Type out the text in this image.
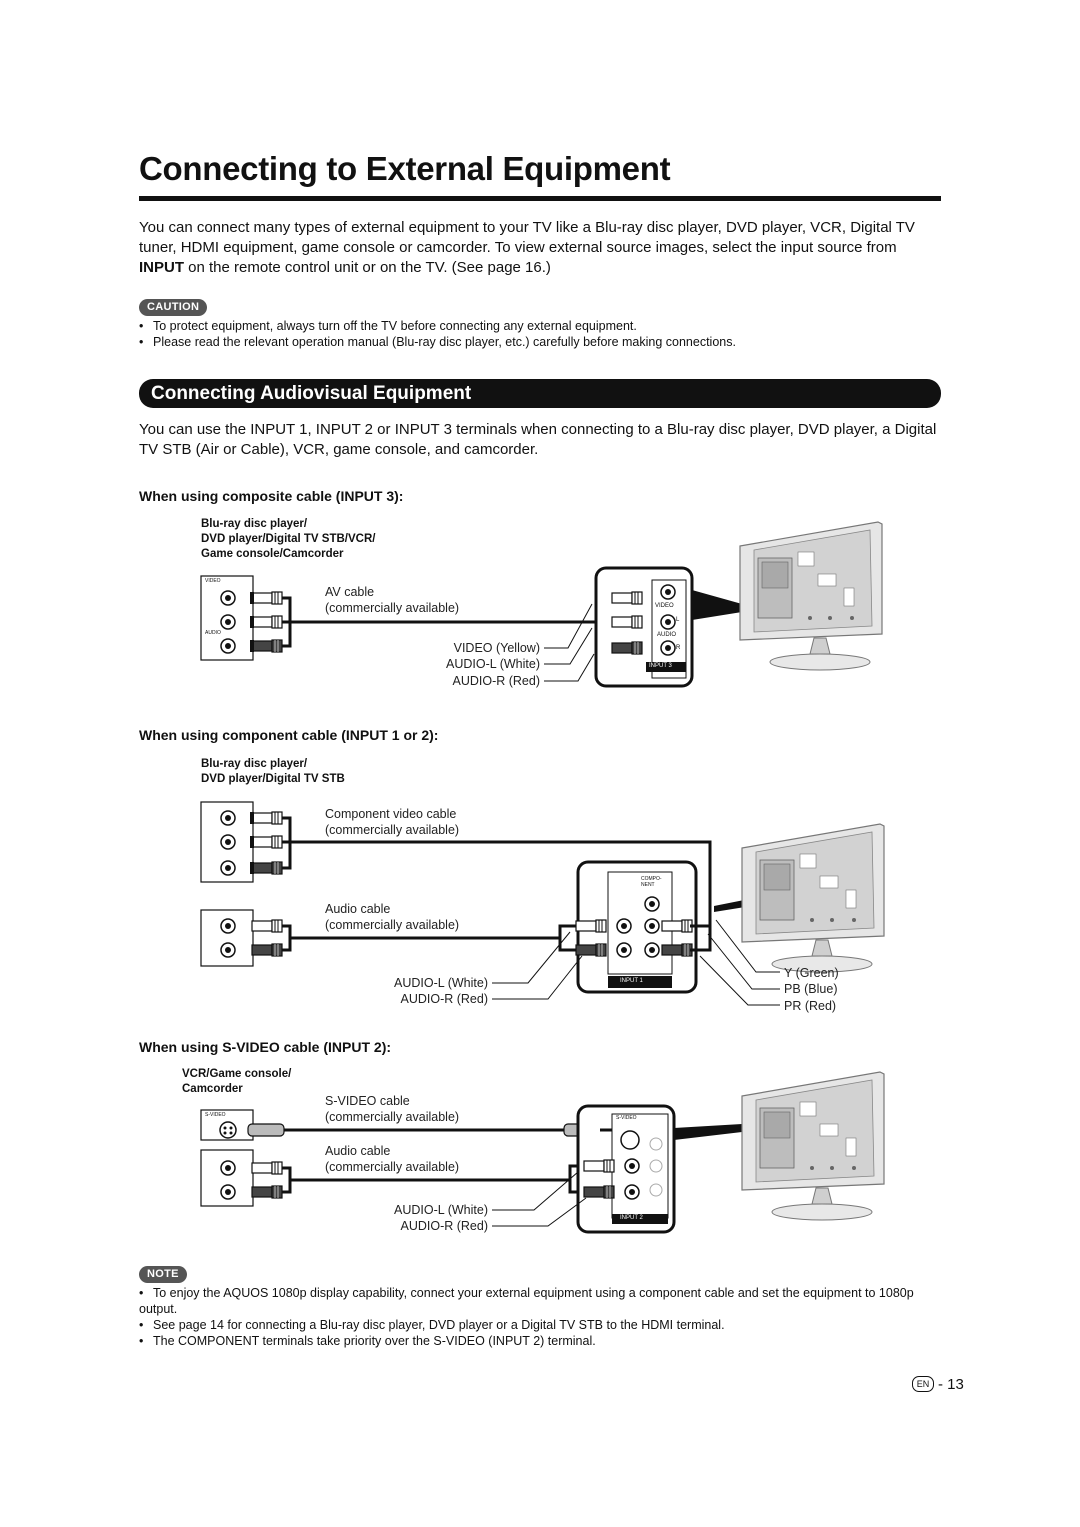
Connecting to External Equipment
You can connect many types of external equipment to your TV like a Blu-ray disc player, DVD player, VCR, Digital TV tuner, HDMI equipment, game console or camcorder. To view external source images, select the input source from INPUT on the remote control unit or on the TV. (See page 16.)
CAUTION
• To protect equipment, always turn off the TV before connecting any external equipment.
• Please read the relevant operation manual (Blu-ray disc player, etc.) carefully before making connections.
Connecting Audiovisual Equipment
You can use the INPUT 1, INPUT 2 or INPUT 3 terminals when connecting to a Blu-ray disc player, DVD player, a Digital TV STB (Air or Cable), VCR, game console, and camcorder.
When using composite cable (INPUT 3):
Blu-ray disc player/
DVD player/Digital TV STB/VCR/
Game console/Camcorder
AV cable
(commercially available)
VIDEO (Yellow)
AUDIO-L (White)
AUDIO-R (Red)
VIDEO
L
AUDIO
R
INPUT 3
VIDEO
AUDIO
When using component cable (INPUT 1 or 2):
Blu-ray disc player/
DVD player/Digital TV STB
Component video cable
(commercially available)
Audio cable
(commercially available)
AUDIO-L (White)
AUDIO-R (Red)
Y (Green)
PB (Blue)
PR (Red)
COMPO-NENT
INPUT 1
When using S-VIDEO cable (INPUT 2):
VCR/Game console/
Camcorder
S-VIDEO cable
(commercially available)
Audio cable
(commercially available)
AUDIO-L (White)
AUDIO-R (Red)
S-VIDEO	S-VIDEO
INPUT 2
NOTE
• To enjoy the AQUOS 1080p display capability, connect your external equipment using a component cable and set the equipment to 1080p output.
• See page 14 for connecting a Blu-ray disc player, DVD player or a Digital TV STB to the HDMI terminal.
• The COMPONENT terminals take priority over the S-VIDEO (INPUT 2) terminal.
EN - 13
